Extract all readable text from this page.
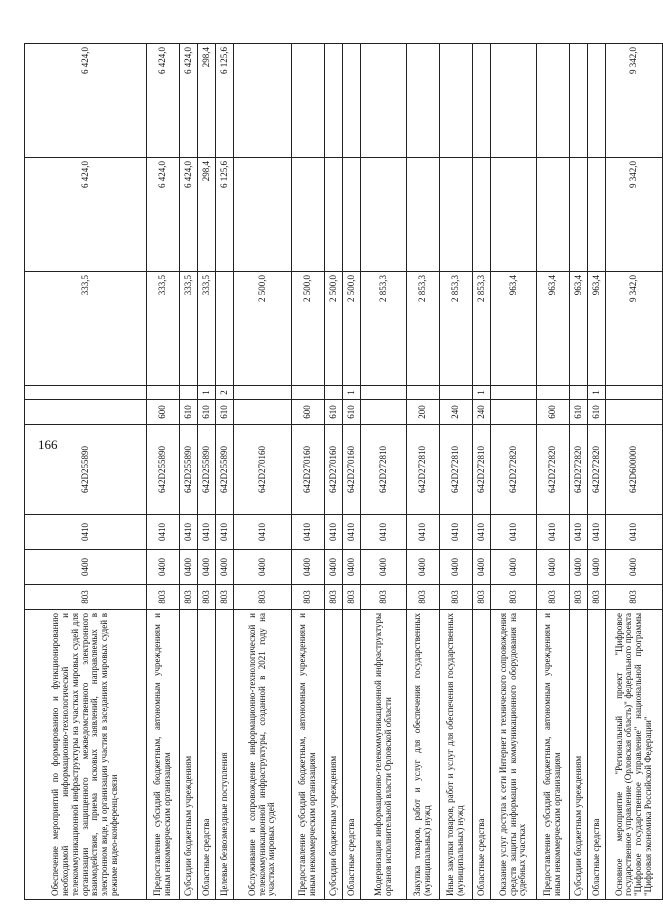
166
Обеспечение мероприятий по формированию и функционированию необходимой информационно-технологической и телекоммуникационной инфраструктуры на участках мировых судей для организации защищенного межведомственного электронного взаимодействия, приема исковых заявлений, направляемых в электронном виде, и организации участия в заседаниях мировых судей в режиме видео-конференц-связи	803	0400	0410	642D255890			333,5	6 424,0	6 424,0
Предоставление субсидий бюджетным, автономным учреждениям и иным некоммерческим организациям	803	0400	0410	642D255890	600		333,5	6 424,0	6 424,0
Субсидии бюджетным учреждениям	803	0400	0410	642D255890	610		333,5	6 424,0	6 424,0
Областные средства	803	0400	0410	642D255890	610	1	333,5	298,4	298,4
Целевые безвозмездные поступления	803	0400	0410	642D255890	610	2		6 125,6	6 125,6
Обслуживание и сопровождение информационно-технологической и телекоммуникационной инфраструктуры, созданной в 2021 году на участках мировых судей	803	0400	0410	642D270160			2 500,0		
Предоставление субсидий бюджетным, автономным учреждениям и иным некоммерческим организациям	803	0400	0410	642D270160	600		2 500,0		
Субсидии бюджетным учреждениям	803	0400	0410	642D270160	610		2 500,0		
Областные средства	803	0400	0410	642D270160	610	1	2 500,0		
Модернизация информационно-телекоммуникационной инфраструктуры органов исполнительной власти Орловской области	803	0400	0410	642D272810			2 853,3		
Закупка товаров, работ и услуг для обеспечения государственных (муниципальных) нужд	803	0400	0410	642D272810	200		2 853,3		
Иные закупки товаров, работ и услуг для обеспечения государственных (муниципальных) нужд	803	0400	0410	642D272810	240		2 853,3		
Областные средства	803	0400	0410	642D272810	240	1	2 853,3		
Оказание услуг доступа к сети Интернет и технического сопровождения средств защиты информации и коммуникационного оборудования на судебных участках	803	0400	0410	642D272820			963,4		
Предоставление субсидий бюджетным, автономным учреждениям и иным некоммерческим организациям	803	0400	0410	642D272820	600		963,4		
Субсидии бюджетным учреждениям	803	0400	0410	642D272820	610		963,4		
Областные средства	803	0400	0410	642D272820	610	1	963,4		
Основное мероприятие "Региональный проект "Цифровое государственное управление (Орловская область)" федерального проекта "Цифровое государственное управление" национальной программы "Цифровая экономика Российской Федерации"	803	0400	0410	642D600000			9 342,0	9 342,0	9 342,0
